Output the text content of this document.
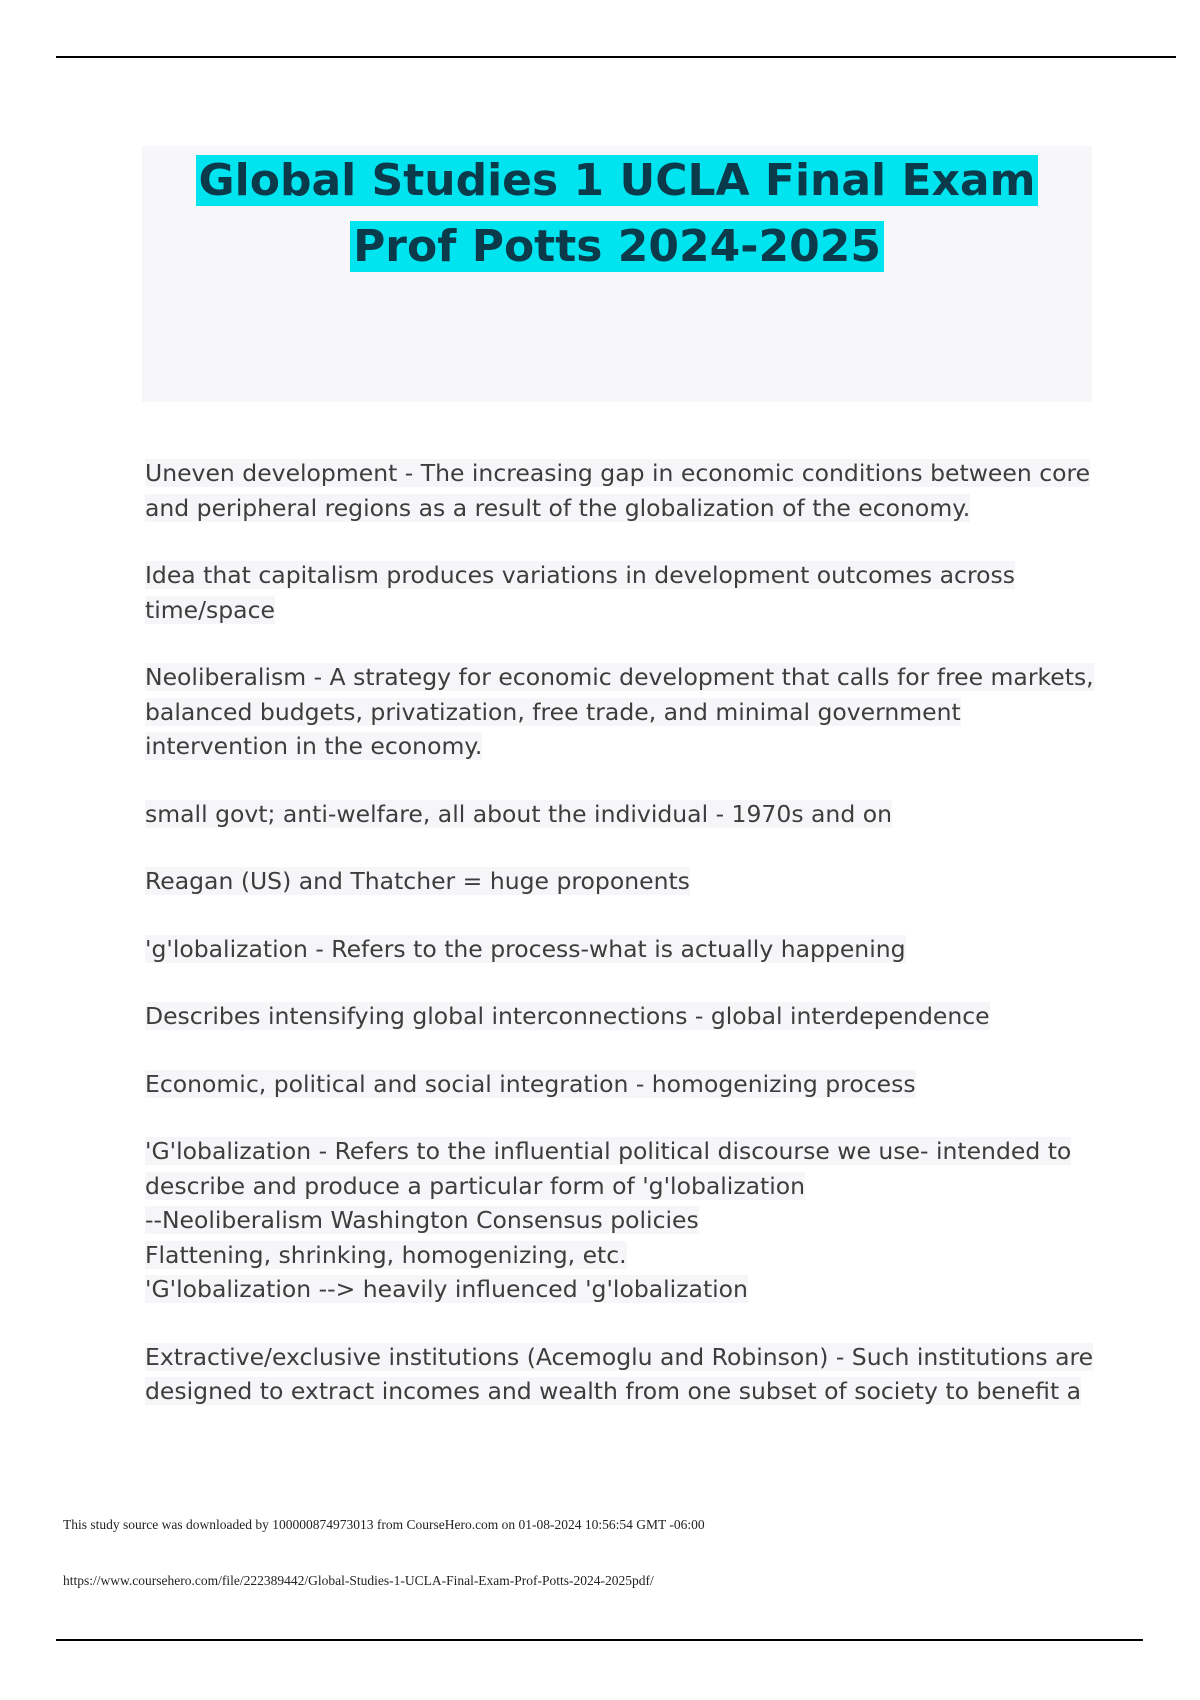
Global Studies 1 UCLA Final Exam Prof Potts 2024-2025

Uneven development - The increasing gap in economic conditions between core and peripheral regions as a result of the globalization of the economy.

Idea that capitalism produces variations in development outcomes across time/space

Neoliberalism - A strategy for economic development that calls for free markets, balanced budgets, privatization, free trade, and minimal government intervention in the economy.

small govt; anti-welfare, all about the individual - 1970s and on

Reagan (US) and Thatcher = huge proponents

'g'lobalization - Refers to the process-what is actually happening

Describes intensifying global interconnections - global interdependence

Economic, political and social integration - homogenizing process

'G'lobalization - Refers to the influential political discourse we use- intended to describe and produce a particular form of 'g'lobalization
--Neoliberalism Washington Consensus policies
Flattening, shrinking, homogenizing, etc.
'G'lobalization --> heavily influenced 'g'lobalization

Extractive/exclusive institutions (Acemoglu and Robinson) - Such institutions are designed to extract incomes and wealth from one subset of society to benefit a

This study source was downloaded by 100000874973013 from CourseHero.com on 01-08-2024 10:56:54 GMT -06:00
https://www.coursehero.com/file/222389442/Global-Studies-1-UCLA-Final-Exam-Prof-Potts-2024-2025pdf/
